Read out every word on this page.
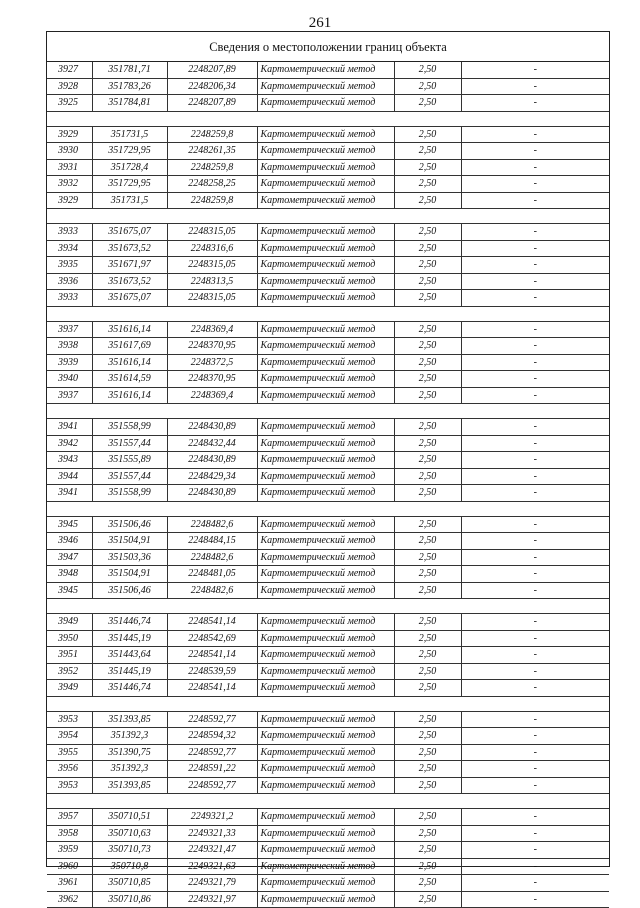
261
Сведения о местоположении границ объекта
3927	351781,71	2248207,89	Картометрический метод	2,50	-
3928	351783,26	2248206,34	Картометрический метод	2,50	-
3925	351784,81	2248207,89	Картометрический метод	2,50	-

3929	351731,5	2248259,8	Картометрический метод	2,50	-
3930	351729,95	2248261,35	Картометрический метод	2,50	-
3931	351728,4	2248259,8	Картометрический метод	2,50	-
3932	351729,95	2248258,25	Картометрический метод	2,50	-
3929	351731,5	2248259,8	Картометрический метод	2,50	-

3933	351675,07	2248315,05	Картометрический метод	2,50	-
3934	351673,52	2248316,6	Картометрический метод	2,50	-
3935	351671,97	2248315,05	Картометрический метод	2,50	-
3936	351673,52	2248313,5	Картометрический метод	2,50	-
3933	351675,07	2248315,05	Картометрический метод	2,50	-

3937	351616,14	2248369,4	Картометрический метод	2,50	-
3938	351617,69	2248370,95	Картометрический метод	2,50	-
3939	351616,14	2248372,5	Картометрический метод	2,50	-
3940	351614,59	2248370,95	Картометрический метод	2,50	-
3937	351616,14	2248369,4	Картометрический метод	2,50	-

3941	351558,99	2248430,89	Картометрический метод	2,50	-
3942	351557,44	2248432,44	Картометрический метод	2,50	-
3943	351555,89	2248430,89	Картометрический метод	2,50	-
3944	351557,44	2248429,34	Картометрический метод	2,50	-
3941	351558,99	2248430,89	Картометрический метод	2,50	-

3945	351506,46	2248482,6	Картометрический метод	2,50	-
3946	351504,91	2248484,15	Картометрический метод	2,50	-
3947	351503,36	2248482,6	Картометрический метод	2,50	-
3948	351504,91	2248481,05	Картометрический метод	2,50	-
3945	351506,46	2248482,6	Картометрический метод	2,50	-

3949	351446,74	2248541,14	Картометрический метод	2,50	-
3950	351445,19	2248542,69	Картометрический метод	2,50	-
3951	351443,64	2248541,14	Картометрический метод	2,50	-
3952	351445,19	2248539,59	Картометрический метод	2,50	-
3949	351446,74	2248541,14	Картометрический метод	2,50	-

3953	351393,85	2248592,77	Картометрический метод	2,50	-
3954	351392,3	2248594,32	Картометрический метод	2,50	-
3955	351390,75	2248592,77	Картометрический метод	2,50	-
3956	351392,3	2248591,22	Картометрический метод	2,50	-
3953	351393,85	2248592,77	Картометрический метод	2,50	-

3957	350710,51	2249321,2	Картометрический метод	2,50	-
3958	350710,63	2249321,33	Картометрический метод	2,50	-
3959	350710,73	2249321,47	Картометрический метод	2,50	-
3960	350710,8	2249321,63	Картометрический метод	2,50	-
3961	350710,85	2249321,79	Картометрический метод	2,50	-
3962	350710,86	2249321,97	Картометрический метод	2,50	-
